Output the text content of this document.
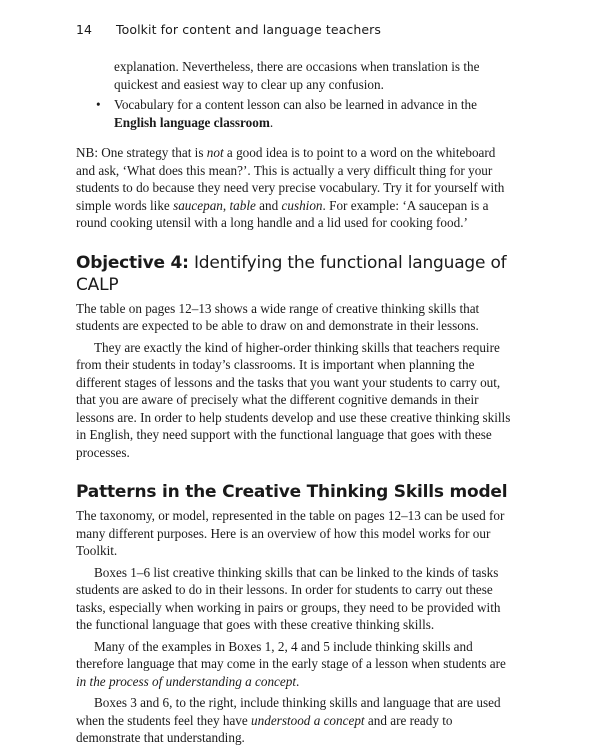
14 Toolkit for content and language teachers

explanation. Nevertheless, there are occasions when translation is the quickest and easiest way to clear up any confusion.

• Vocabulary for a content lesson can also be learned in advance in the English language classroom.

NB: One strategy that is not a good idea is to point to a word on the whiteboard and ask, ‘What does this mean?’. This is actually a very difficult thing for your students to do because they need very precise vocabulary. Try it for yourself with simple words like saucepan, table and cushion. For example: ‘A saucepan is a round cooking utensil with a long handle and a lid used for cooking food.’

Objective 4: Identifying the functional language of CALP

The table on pages 12–13 shows a wide range of creative thinking skills that students are expected to be able to draw on and demonstrate in their lessons.

They are exactly the kind of higher-order thinking skills that teachers require from their students in today’s classrooms. It is important when planning the different stages of lessons and the tasks that you want your students to carry out, that you are aware of precisely what the different cognitive demands in their lessons are. In order to help students develop and use these creative thinking skills in English, they need support with the functional language that goes with these processes.

Patterns in the Creative Thinking Skills model

The taxonomy, or model, represented in the table on pages 12–13 can be used for many different purposes. Here is an overview of how this model works for our Toolkit.

Boxes 1–6 list creative thinking skills that can be linked to the kinds of tasks students are asked to do in their lessons. In order for students to carry out these tasks, especially when working in pairs or groups, they need to be provided with the functional language that goes with these creative thinking skills.

Many of the examples in Boxes 1, 2, 4 and 5 include thinking skills and therefore language that may come in the early stage of a lesson when students are in the process of understanding a concept.

Boxes 3 and 6, to the right, include thinking skills and language that are used when the students feel they have understood a concept and are ready to demonstrate that understanding.
